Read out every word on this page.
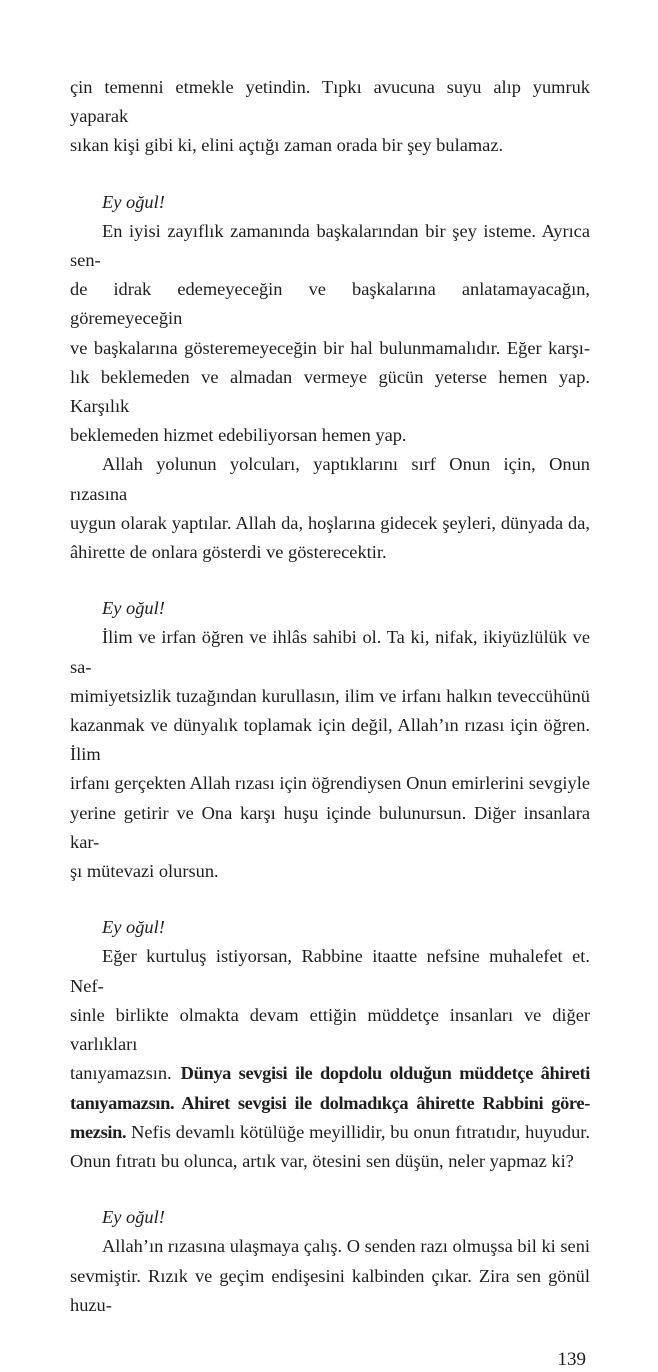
çin temenni etmekle yetindin. Tıpkı avucuna suyu alıp yumruk yaparak
sıkan kişi gibi ki, elini açtığı zaman orada bir şey bulamaz.

Ey oğul!

En iyisi zayıflık zamanında başkalarından bir şey isteme. Ayrıca sen-
de idrak edemeyeceğin ve başkalarına anlatamayacağın, göremeyeceğin
ve başkalarına gösteremeyeceğin bir hal bulunmamalıdır. Eğer karşı-
lık beklemeden ve almadan vermeye gücün yeterse hemen yap. Karşılık
beklemeden hizmet edebiliyorsan hemen yap.

Allah yolunun yolcuları, yaptıklarını sırf Onun için, Onun rızasına
uygun olarak yaptılar. Allah da, hoşlarına gidecek şeyleri, dünyada da,
âhirette de onlara gösterdi ve gösterecektir.

Ey oğul!

İlim ve irfan öğren ve ihlâs sahibi ol. Ta ki, nifak, ikiyüzlülük ve sa-
mimiyetsizlik tuzağından kurullasın, ilim ve irfanı halkın teveccühünü
kazanmak ve dünyalık toplamak için değil, Allah’ın rızası için öğren. İlim
irfanı gerçekten Allah rızası için öğrendiysen Onun emirlerini sevgiyle
yerine getirir ve Ona karşı huşu içinde bulunursun. Diğer insanlara kar-
şı mütevazi olursun.

Ey oğul!

Eğer kurtuluş istiyorsan, Rabbine itaatte nefsine muhalefet et. Nef-
sinle birlikte olmakta devam ettiğin müddetçe insanları ve diğer varlıkları
tanıyamazsın. Dünya sevgisi ile dopdolu olduğun müddetçe âhireti
tanıyamazsın. Ahiret sevgisi ile dolmadıkça âhirette Rabbini göre-
mezsin. Nefis devamlı kötülüğe meyillidir, bu onun fıtratıdır, huyudur.
Onun fıtratı bu olunca, artık var, ötesini sen düşün, neler yapmaz ki?

Ey oğul!

Allah’ın rızasına ulaşmaya çalış. O senden razı olmuşsa bil ki seni
sevmiştir. Rızık ve geçim endişesini kalbinden çıkar. Zira sen gönül huzu-

139
